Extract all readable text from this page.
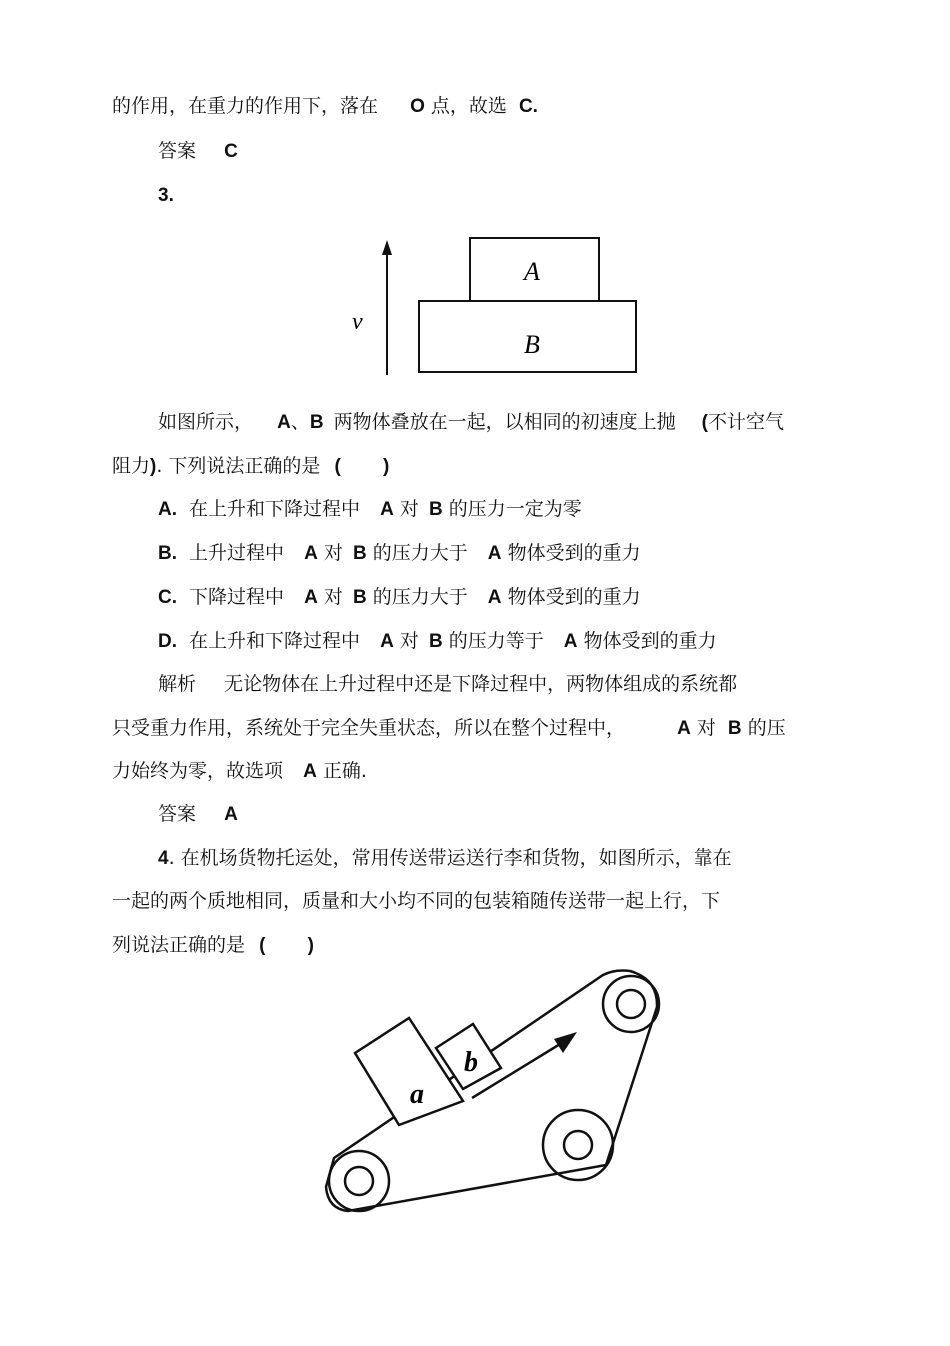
的作用，在重力的作用下，落在 O 点，故选 C.
答案 C
3.
v
A
B
如图所示， A、B 两物体叠放在一起，以相同的初速度上抛 (不计空气
阻力). 下列说法正确的是 (        )
A. 在上升和下降过程中 A 对 B 的压力一定为零
B. 上升过程中 A 对 B 的压力大于 A 物体受到的重力
C. 下降过程中 A 对 B 的压力大于 A 物体受到的重力
D. 在上升和下降过程中 A 对 B 的压力等于 A 物体受到的重力
解析 无论物体在上升过程中还是下降过程中，两物体组成的系统都
只受重力作用，系统处于完全失重状态，所以在整个过程中，	A 对 B 的压
力始终为零，故选项 A 正确.
答案 A
4. 在机场货物托运处，常用传送带运送行李和货物，如图所示，靠在
一起的两个质地相同，质量和大小均不同的包装箱随传送带一起上行，下
列说法正确的是 (        )
a
b
